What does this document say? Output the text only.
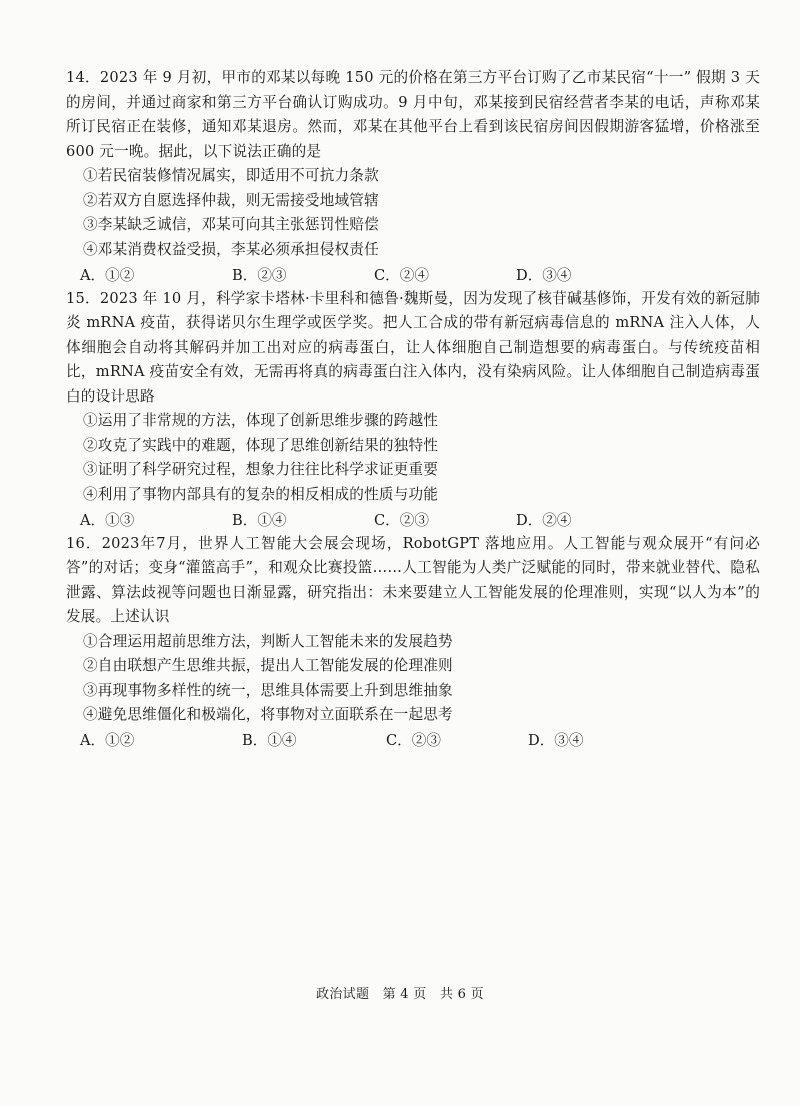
14．2023 年 9 月初，甲市的邓某以每晚 150 元的价格在第三方平台订购了乙市某民宿“十一” 假期 3 天的房间，并通过商家和第三方平台确认订购成功。9 月中旬，邓某接到民宿经营者李某的电话，声称邓某所订民宿正在装修，通知邓某退房。然而，邓某在其他平台上看到该民宿房间因假期游客猛增，价格涨至 600 元一晚。据此，以下说法正确的是

①若民宿装修情况属实，即适用不可抗力条款
②若双方自愿选择仲裁，则无需接受地域管辖
③李某缺乏诚信，邓某可向其主张惩罚性赔偿
④邓某消费权益受损，李某必须承担侵权责任
A．①②	B．②③	C．②④	D．③④

15．2023 年 10 月，科学家卡塔林·卡里科和德鲁·魏斯曼，因为发现了核苷碱基修饰，开发有效的新冠肺炎 mRNA 疫苗，获得诺贝尔生理学或医学奖。把人工合成的带有新冠病毒信息的 mRNA 注入人体，人体细胞会自动将其解码并加工出对应的病毒蛋白，让人体细胞自己制造想要的病毒蛋白。与传统疫苗相比，mRNA 疫苗安全有效，无需再将真的病毒蛋白注入体内，没有染病风险。让人体细胞自己制造病毒蛋白的设计思路

①运用了非常规的方法，体现了创新思维步骤的跨越性
②攻克了实践中的难题，体现了思维创新结果的独特性
③证明了科学研究过程，想象力往往比科学求证更重要
④利用了事物内部具有的复杂的相反相成的性质与功能
A．①③	B．①④	C．②③	D．②④

16．2023年7月，世界人工智能大会展会现场，RobotGPT 落地应用。人工智能与观众展开“有问必答”的对话；变身“灌篮高手”，和观众比赛投篮……人工智能为人类广泛赋能的同时，带来就业替代、隐私泄露、算法歧视等问题也日渐显露，研究指出：未来要建立人工智能发展的伦理准则，实现“以人为本”的发展。上述认识

①合理运用超前思维方法，判断人工智能未来的发展趋势
②自由联想产生思维共振，提出人工智能发展的伦理准则
③再现事物多样性的统一，思维具体需要上升到思维抽象
④避免思维僵化和极端化，将事物对立面联系在一起思考
A．①②	B．①④	C．②③	D．③④
政治试题　第 4 页　共 6 页
